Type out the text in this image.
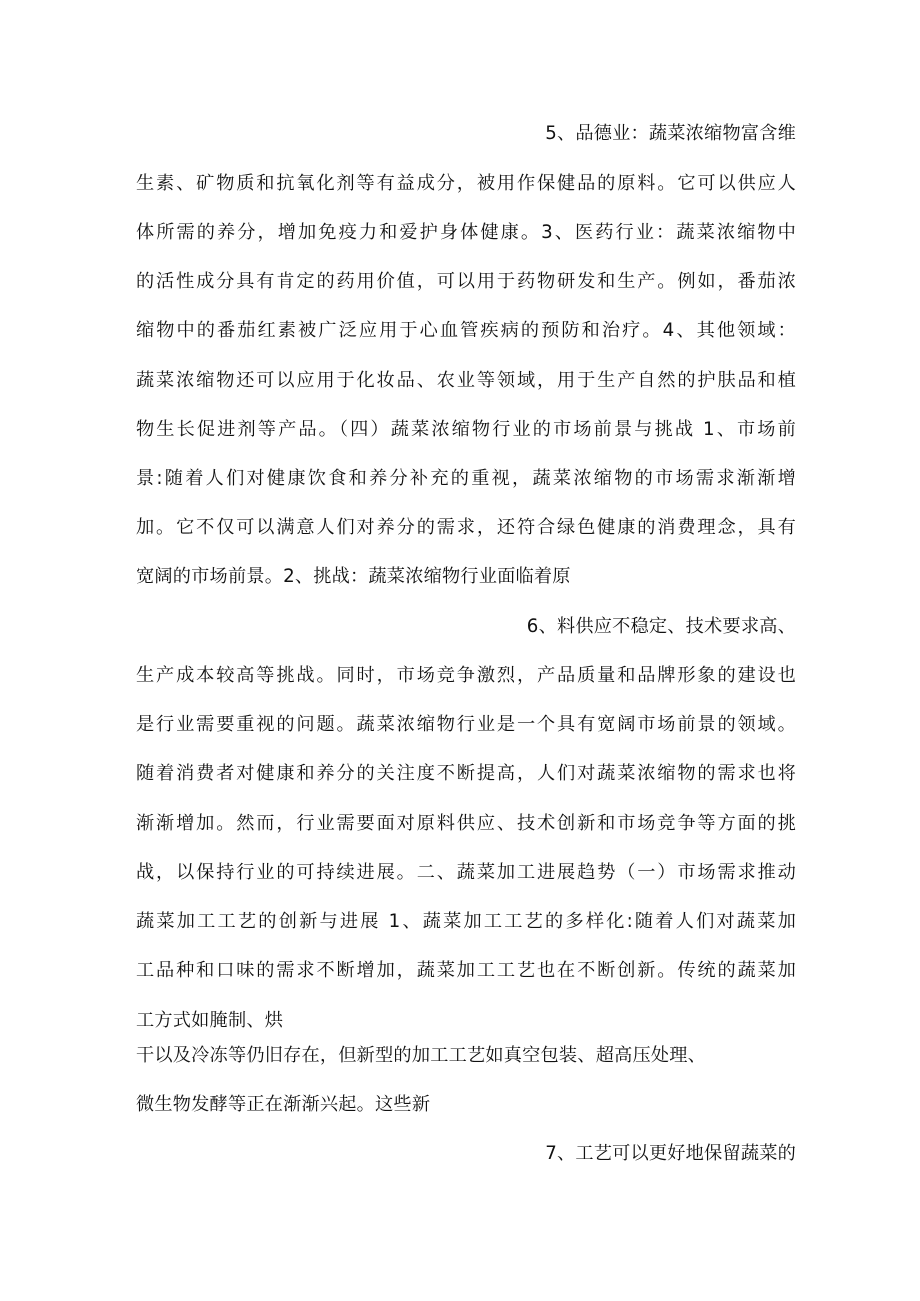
5、品德业：蔬菜浓缩物富含维
生素、矿物质和抗氧化剂等有益成分，被用作保健品的原料。它可以供应人
体所需的养分，增加免疫力和爱护身体健康。3、医药行业：蔬菜浓缩物中
的活性成分具有肯定的药用价值，可以用于药物研发和生产。例如，番茄浓
缩物中的番茄红素被广泛应用于心血管疾病的预防和治疗。4、其他领域：
蔬菜浓缩物还可以应用于化妆品、农业等领域，用于生产自然的护肤品和植
物生长促进剂等产品。（四）蔬菜浓缩物行业的市场前景与挑战 1、市场前
景:随着人们对健康饮食和养分补充的重视，蔬菜浓缩物的市场需求渐渐增
加。它不仅可以满意人们对养分的需求，还符合绿色健康的消费理念，具有
宽阔的市场前景。2、挑战：蔬菜浓缩物行业面临着原
6、料供应不稳定、技术要求高、
生产成本较高等挑战。同时，市场竞争激烈，产品质量和品牌形象的建设也
是行业需要重视的问题。蔬菜浓缩物行业是一个具有宽阔市场前景的领域。
随着消费者对健康和养分的关注度不断提高，人们对蔬菜浓缩物的需求也将
渐渐增加。然而，行业需要面对原料供应、技术创新和市场竞争等方面的挑
战，以保持行业的可持续进展。二、蔬菜加工进展趋势（一）市场需求推动
蔬菜加工工艺的创新与进展 1、蔬菜加工工艺的多样化:随着人们对蔬菜加
工品种和口味的需求不断增加，蔬菜加工工艺也在不断创新。传统的蔬菜加
工方式如腌制、烘
干以及冷冻等仍旧存在，但新型的加工工艺如真空包装、超高压处理、
微生物发酵等正在渐渐兴起。这些新
7、工艺可以更好地保留蔬菜的
